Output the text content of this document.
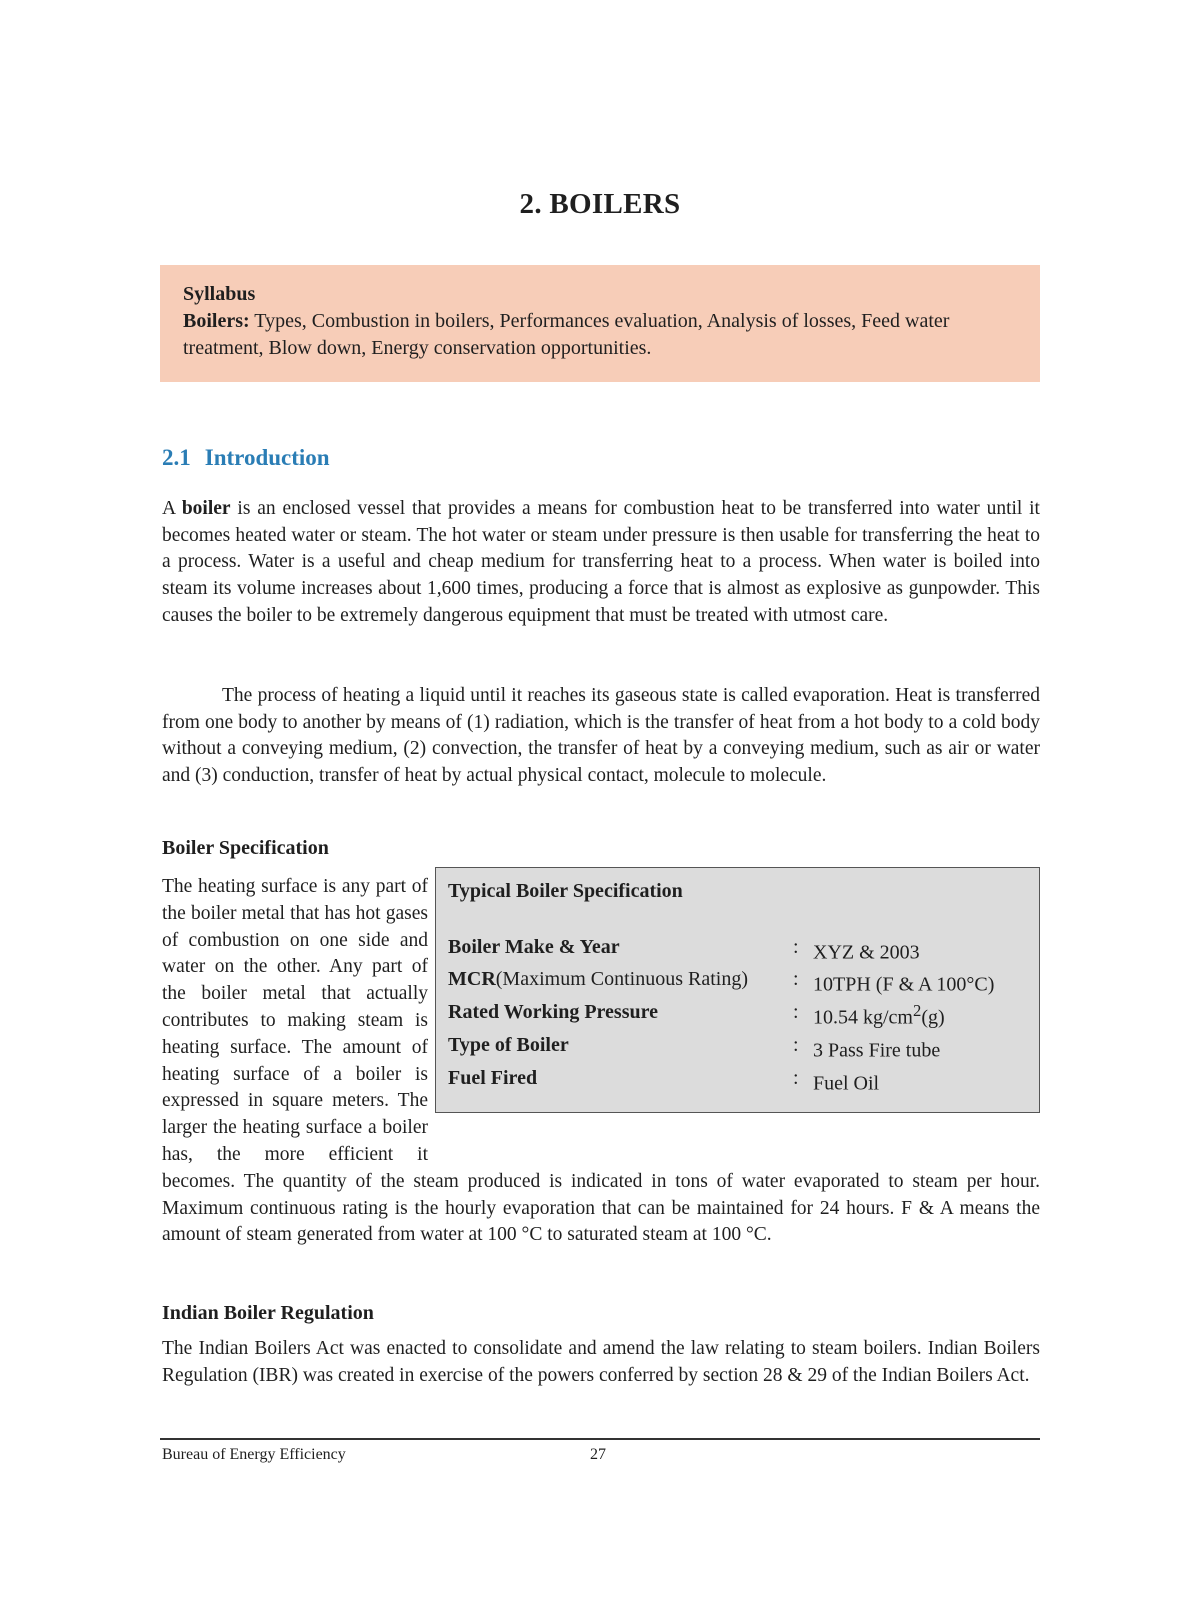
2. BOILERS
Syllabus
Boilers: Types, Combustion in boilers, Performances evaluation, Analysis of losses, Feed water treatment, Blow down, Energy conservation opportunities.
2.1 Introduction
A boiler is an enclosed vessel that provides a means for combustion heat to be transferred into water until it becomes heated water or steam. The hot water or steam under pressure is then usable for transferring the heat to a process. Water is a useful and cheap medium for transferring heat to a process. When water is boiled into steam its volume increases about 1,600 times, producing a force that is almost as explosive as gunpowder. This causes the boiler to be extremely dangerous equipment that must be treated with utmost care.
The process of heating a liquid until it reaches its gaseous state is called evaporation. Heat is transferred from one body to another by means of (1) radiation, which is the transfer of heat from a hot body to a cold body without a conveying medium, (2) convection, the transfer of heat by a conveying medium, such as air or water and (3) conduction, transfer of heat by actual physical contact, molecule to molecule.
Boiler Specification
The heating surface is any part of the boiler metal that has hot gases of combustion on one side and water on the other. Any part of the boiler metal that actually contributes to making steam is heating surface. The amount of heating surface of a boiler is expressed in square meters. The larger the heating surface a boiler has, the more efficient it becomes. The quantity of the steam produced is indicated in tons of water evaporated to steam per hour. Maximum continuous rating is the hourly evaporation that can be maintained for 24 hours. F & A means the amount of steam generated from water at 100 °C to saturated steam at 100 °C.
Typical Boiler Specification
Boiler Make & Year	: XYZ & 2003
MCR(Maximum Continuous Rating) : 10TPH (F & A 100°C)
Rated Working Pressure	: 10.54 $kg/cm^2(g)$
Type of Boiler	: 3 Pass Fire tube
Fuel Fired	: Fuel Oil
Indian Boiler Regulation
The Indian Boilers Act was enacted to consolidate and amend the law relating to steam boilers. Indian Boilers Regulation (IBR) was created in exercise of the powers conferred by section 28 & 29 of the Indian Boilers Act.
Bureau of Energy Efficiency	27
